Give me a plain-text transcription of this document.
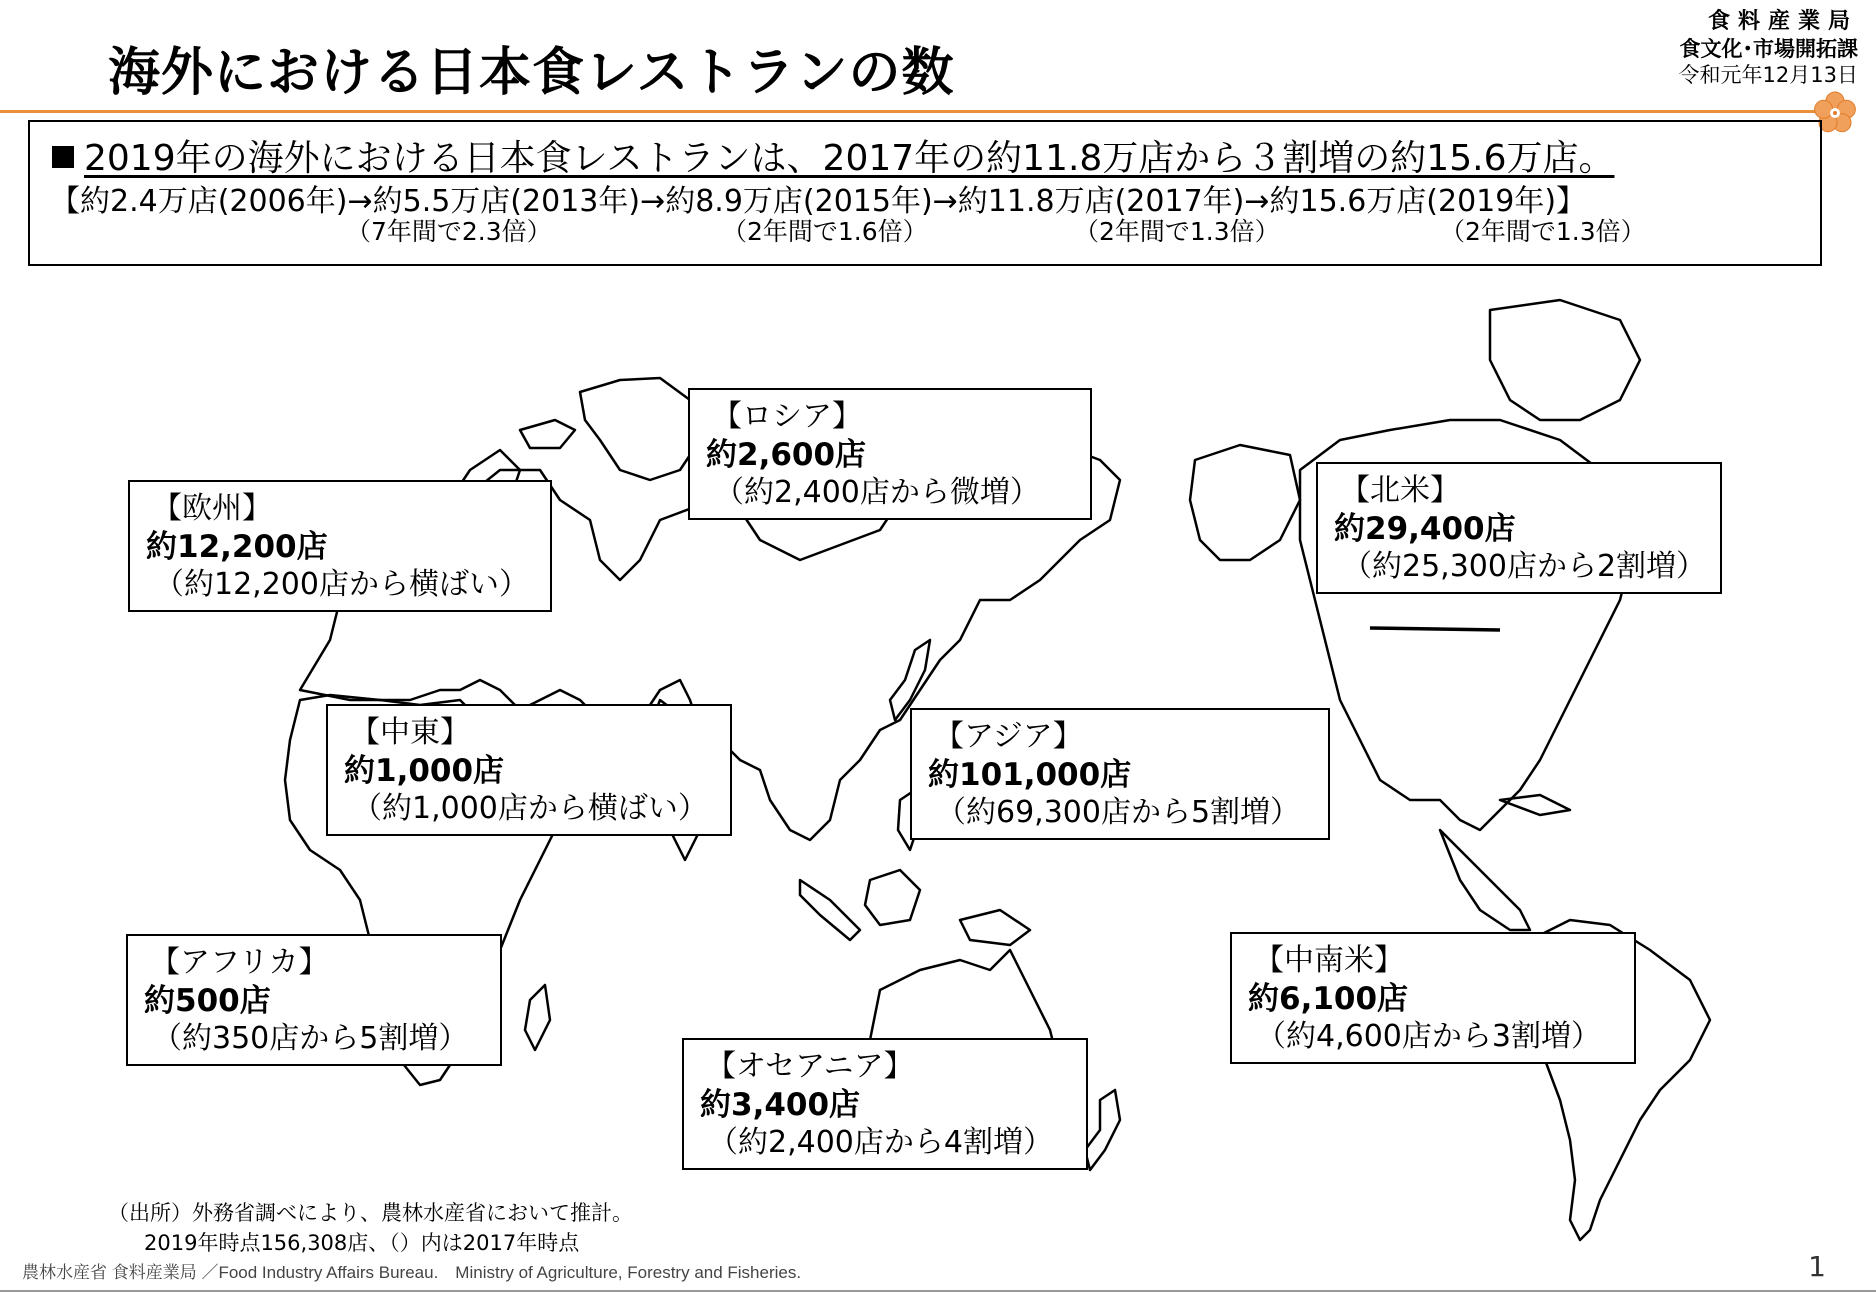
海外における日本食レストランの数
食料産業局
食文化･市場開拓課
令和元年12月13日
2019年の海外における日本食レストランは、2017年の約11.8万店から３割増の約15.6万店。
【約2.4万店(2006年)→約5.5万店(2013年)→約8.9万店(2015年)→約11.8万店(2017年)→約15.6万店(2019年)】
（7年間で2.3倍）	（2年間で1.6倍）	（2年間で1.3倍）	（2年間で1.3倍）
【ロシア】
約2,600店
（約2,400店から微増）
【欧州】
約12,200店
（約12,200店から横ばい）
【北米】
約29,400店
（約25,300店から2割増）
【中東】
約1,000店
（約1,000店から横ばい）
【アジア】
約101,000店
（約69,300店から5割増）
【アフリカ】
約500店
（約350店から5割増）
【中南米】
約6,100店
（約4,600店から3割増）
【オセアニア】
約3,400店
（約2,400店から4割増）
（出所）外務省調べにより、農林水産省において推計。
2019年時点156,308店、（）内は2017年時点
農林水産省 食料産業局 ／Food Industry Affairs Bureau.　Ministry of Agriculture, Forestry and Fisheries.	1
